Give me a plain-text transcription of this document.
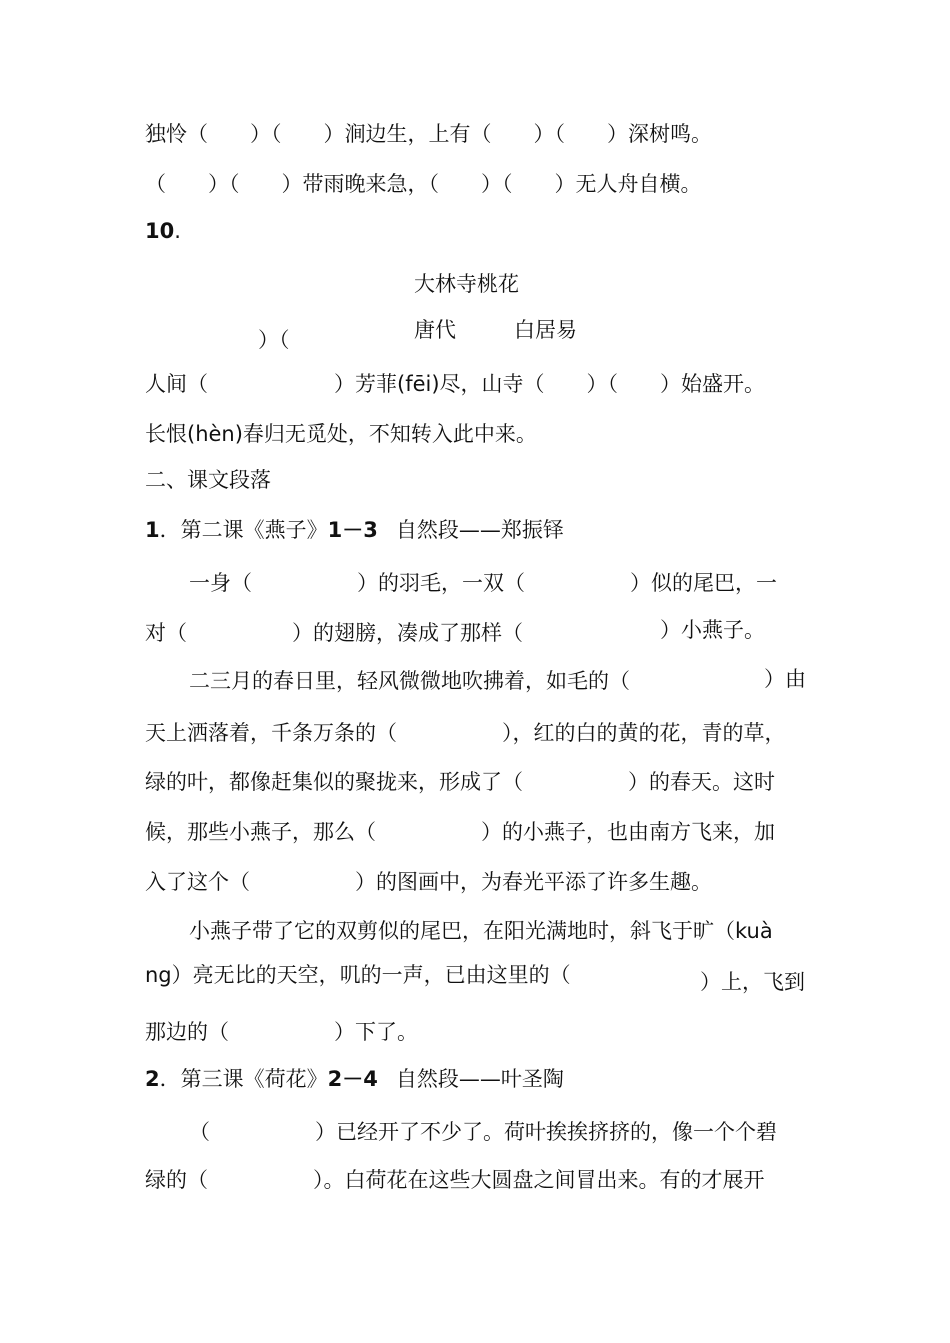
独怜（　　）（　　）涧边生，上有（　　）（　　）深树鸣。

（　　）（　　）带雨晚来急，（　　）（　　）无人舟自横。

10.

大林寺桃花

唐代	白居易

）（

人间（　　　　　　）芳菲(fēi)尽，山寺（　　）（　　）始盛开。

长恨(hèn)春归无觅处，不知转入此中来。

二、课文段落

1．第二课《燕子》1－3 自然段——郑振铎

一身（　　　　　）的羽毛，一双（　　　　　）似的尾巴，一

对（　　　　　）的翅膀，凑成了那样（	）小燕子。

二三月的春日里，轻风微微地吹拂着，如毛的（	）由

天上洒落着，千条万条的（　　　　　），红的白的黄的花，青的草，

绿的叶，都像赶集似的聚拢来，形成了（　　　　　）的春天。这时

候，那些小燕子，那么（　　　　　）的小燕子，也由南方飞来，加

入了这个（　　　　　）的图画中，为春光平添了许多生趣。

小燕子带了它的双剪似的尾巴，在阳光满地时，斜飞于旷（kuà

ng）亮无比的天空，叽的一声，已由这里的（	）上，飞到

那边的（　　　　　）下了。

2．第三课《荷花》2－4 自然段——叶圣陶

（　　　　　）已经开了不少了。荷叶挨挨挤挤的，像一个个碧

绿的（　　　　　）。白荷花在这些大圆盘之间冒出来。有的才展开
